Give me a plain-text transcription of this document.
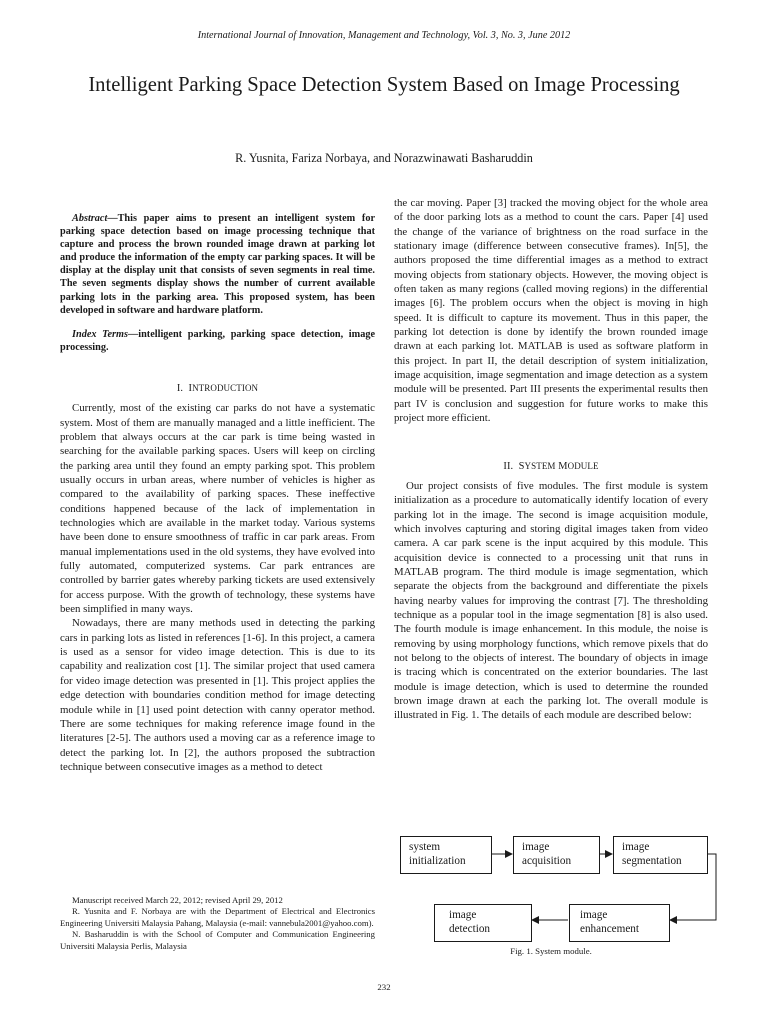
International Journal of Innovation, Management and Technology, Vol. 3, No. 3, June 2012
Intelligent Parking Space Detection System Based on Image Processing
R. Yusnita, Fariza Norbaya, and Norazwinawati Basharuddin

Abstract—This paper aims to present an intelligent system for parking space detection based on image processing technique that capture and process the brown rounded image drawn at parking lot and produce the information of the empty car parking spaces. It will be display at the display unit that consists of seven segments in real time. The seven segments display shows the number of current available parking lots in the parking area. This proposed system, has been developed in software and hardware platform.

Index Terms—intelligent parking, parking space detection, image processing.

I. INTRODUCTION

Currently, most of the existing car parks do not have a systematic system. Most of them are manually managed and a little inefficient. The problem that always occurs at the car park is time being wasted in searching for the available parking spaces. Users will keep on circling the parking area until they found an empty parking spot. This problem usually occurs in urban areas, where number of vehicles is higher as compared to the availability of parking spaces. These ineffective conditions happened because of the lack of implementation in technologies which are available in the market today. Various systems have been done to ensure smoothness of traffic in car park areas. From manual implementations used in the old systems, they have evolved into fully automated, computerized systems. Car park entrances are controlled by barrier gates whereby parking tickets are used extensively for access purpose. With the growth of technology, these systems have been simplified in many ways.

Nowadays, there are many methods used in detecting the parking cars in parking lots as listed in references [1-6]. In this project, a camera is used as a sensor for video image detection. This is due to its capability and realization cost [1]. The similar project that used camera for video image detection was presented in [1]. This project applies the edge detection with boundaries condition method for image detecting module while in [1] used point detection with canny operator method. There are some techniques for making reference image found in the literatures [2-5]. The authors used a moving car as a reference image to detect the parking lot. In [2], the authors proposed the subtraction technique between consecutive images as a method to detect

the car moving. Paper [3] tracked the moving object for the whole area of the door parking lots as a method to count the cars. Paper [4] used the change of the variance of brightness on the road surface in the stationary image (difference between consecutive frames). In[5], the authors proposed the time differential images as a method to extract moving objects from stationary objects. However, the moving object is often taken as many regions (called moving regions) in the differential images [6]. The problem occurs when the object is moving in high speed. It is difficult to capture its movement. Thus in this paper, the parking lot detection is done by identify the brown rounded image drawn at each parking lot. MATLAB is used as software platform in this project. In part II, the detail description of system initialization, image acquisition, image segmentation and image detection as a system module will be presented. Part III presents the experimental results then part IV is conclusion and suggestion for future works to make this project more efficient.

II. SYSTEM MODULE

Our project consists of five modules. The first module is system initialization as a procedure to automatically identify location of every parking lot in the image. The second is image acquisition module, which involves capturing and storing digital images taken from video camera. A car park scene is the input acquired by this module. This acquisition device is connected to a processing unit that runs in MATLAB program. The third module is image segmentation, which separate the objects from the background and differentiate the pixels having nearby values for improving the contrast [7]. The thresholding technique as a popular tool in the image segmentation [8] is also used. The fourth module is image enhancement. In this module, the noise is removing by using morphology functions, which remove pixels that do not belong to the objects of interest. The boundary of objects in image is tracing which is concentrated on the exterior boundaries. The last module is image detection, which is used to determine the rounded brown image drawn at each the parking lot. The overall module is illustrated in Fig. 1. The details of each module are described below:

system
initialization
image
acquisition
image
segmentation
image
detection
image
enhancement
Fig. 1. System module.

Manuscript received March 22, 2012; revised April 29, 2012

R. Yusnita and F. Norbaya are with the Department of Electrical and Electronics Engineering Universiti Malaysia Pahang, Malaysia (e-mail: vannebula2001@yahoo.com).

N. Basharuddin is with the School of Computer and Communication Engineering Universiti Malaysia Perlis, Malaysia

232
